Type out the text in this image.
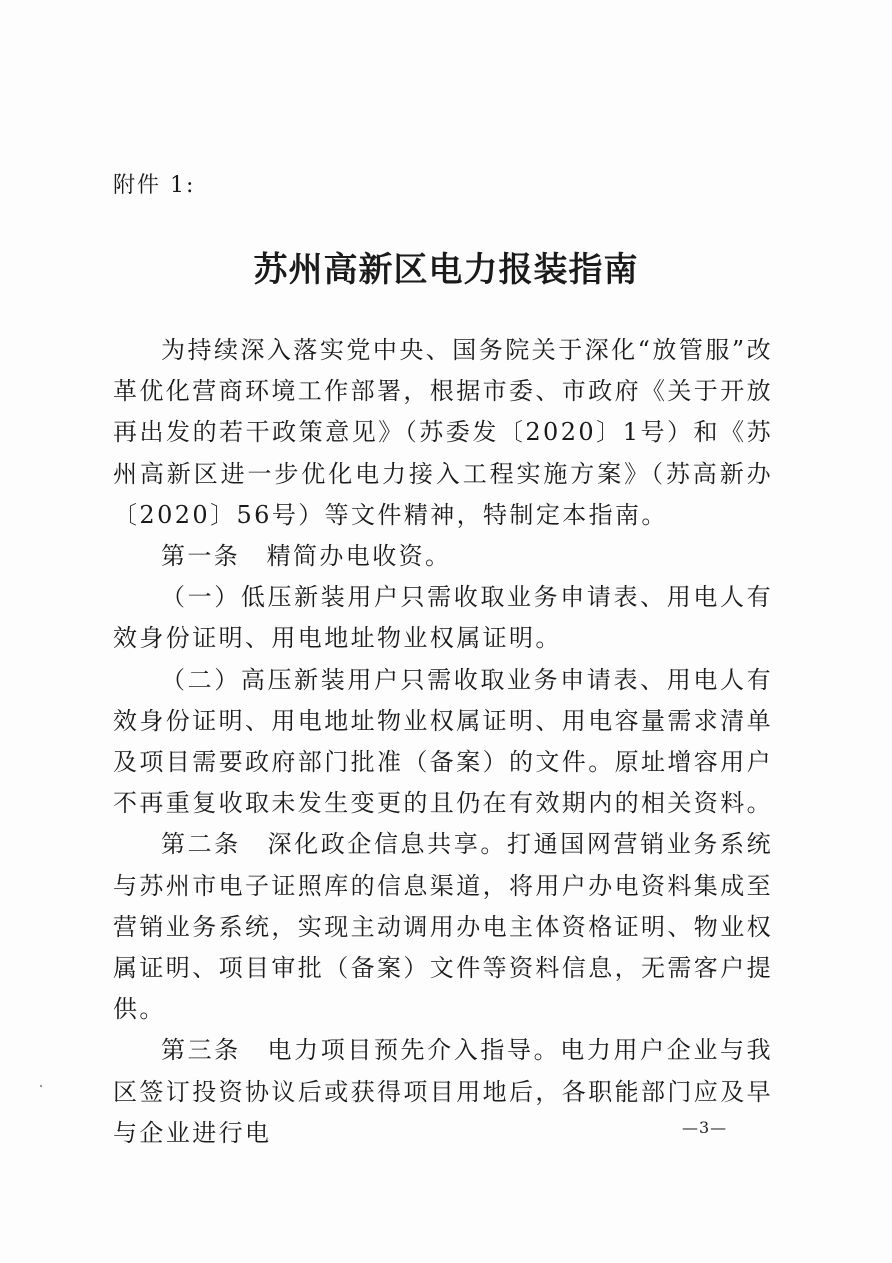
附件 1:
苏州高新区电力报装指南

为持续深入落实党中央、国务院关于深化“放管服”改革优化营商环境工作部署，根据市委、市政府《关于开放再出发的若干政策意见》（苏委发〔2020〕1号）和《苏州高新区进一步优化电力接入工程实施方案》（苏高新办〔2020〕56号）等文件精神，特制定本指南。

第一条　精简办电收资。

（一）低压新装用户只需收取业务申请表、用电人有效身份证明、用电地址物业权属证明。

（二）高压新装用户只需收取业务申请表、用电人有效身份证明、用电地址物业权属证明、用电容量需求清单及项目需要政府部门批准（备案）的文件。原址增容用户不再重复收取未发生变更的且仍在有效期内的相关资料。

第二条　深化政企信息共享。打通国网营销业务系统与苏州市电子证照库的信息渠道，将用户办电资料集成至营销业务系统，实现主动调用办电主体资格证明、物业权属证明、项目审批（备案）文件等资料信息，无需客户提供。

第三条　电力项目预先介入指导。电力用户企业与我区签订投资协议后或获得项目用地后，各职能部门应及早与企业进行电	—3—
